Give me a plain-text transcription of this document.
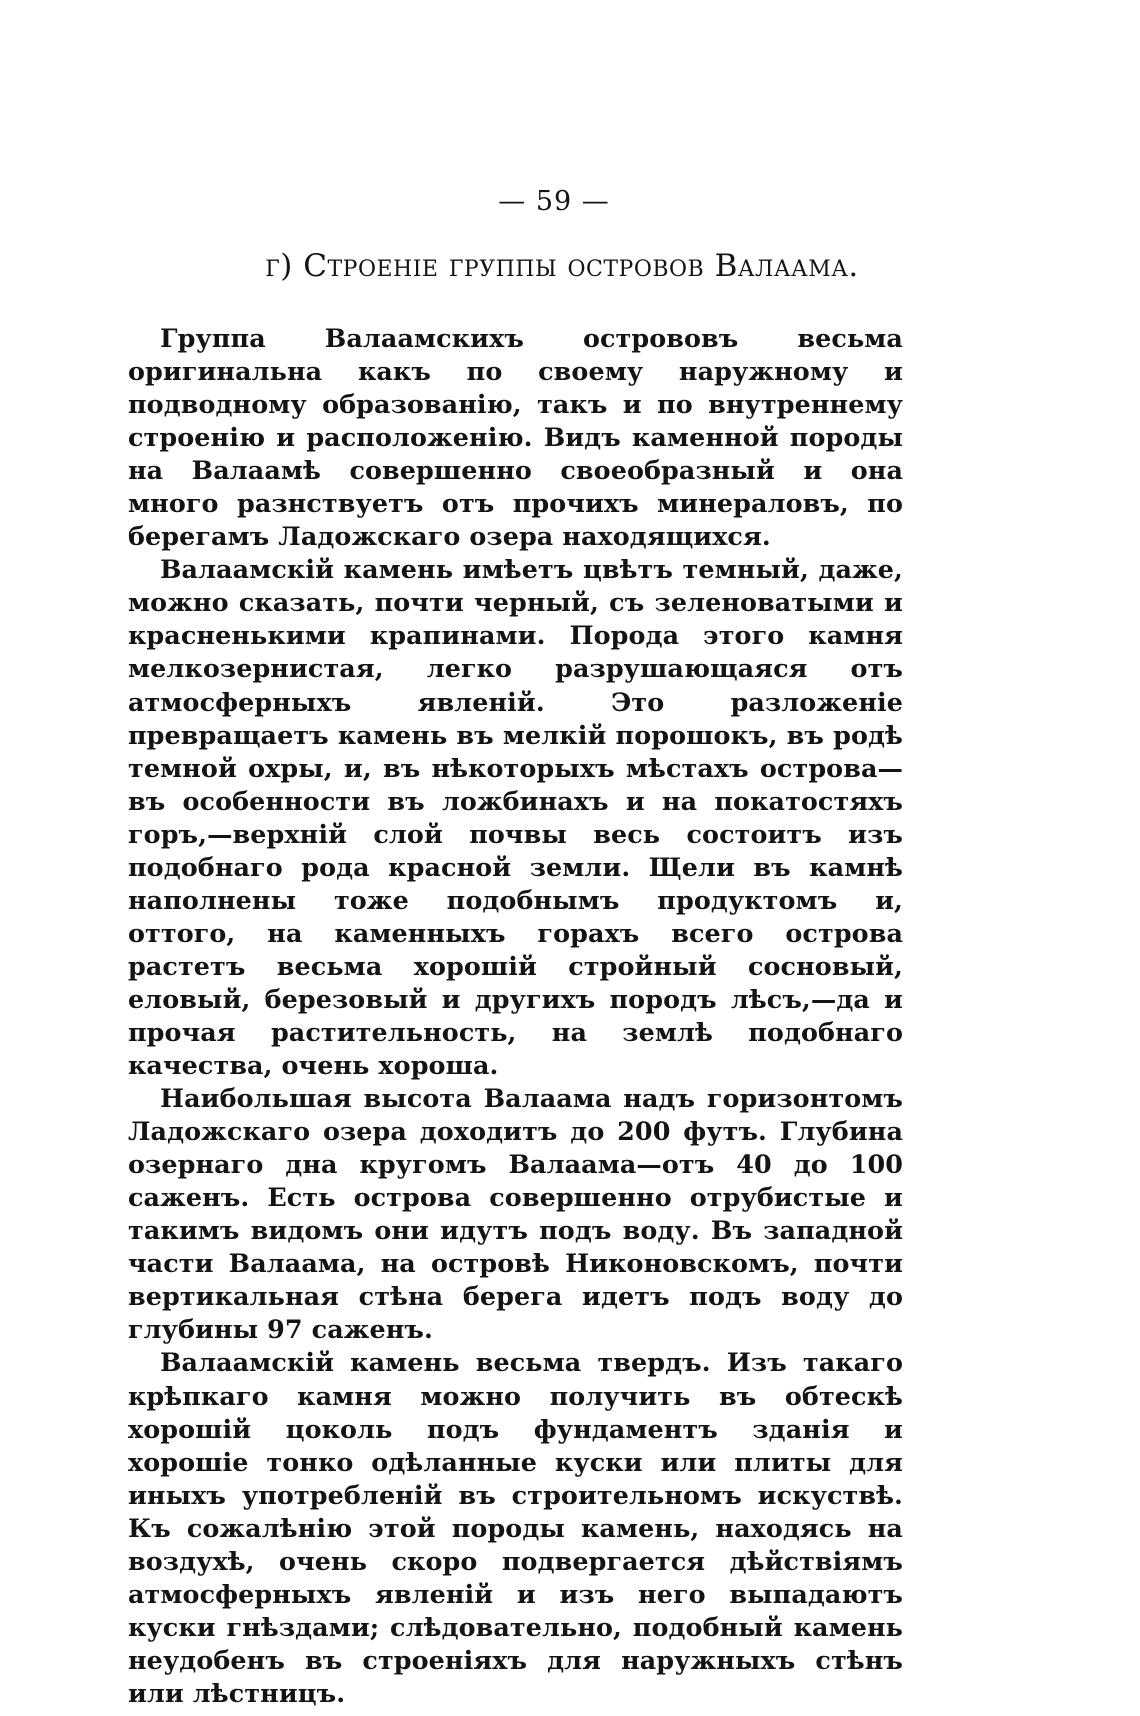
— 59 —
г) Строеніе группы островов Валаама.

Группа Валаамскихъ острововъ весьма оригинальна какъ по своему наружному и подводному образованію, такъ и по внутреннему строенію и расположенію. Видъ каменной породы на Валаамѣ совершенно своеобразный и она много разнствуетъ отъ прочихъ минераловъ, по берегамъ Ладожскаго озера находящихся.

Валаамскій камень имѣетъ цвѣтъ темный, даже, можно сказать, почти черный, съ зеленоватыми и красненькими крапинами. Порода этого камня мелкозернистая, легко разрушающаяся отъ атмосферныхъ явленій. Это разложеніе превращаетъ камень въ мелкій порошокъ, въ родѣ темной охры, и, въ нѣкоторыхъ мѣстахъ острова—въ особенности въ ложбинахъ и на покатостяхъ горъ,—верхній слой почвы весь состоитъ изъ подобнаго рода красной земли. Щели въ камнѣ наполнены тоже подобнымъ продуктомъ и, оттого, на каменныхъ горахъ всего острова растетъ весьма хорошій стройный сосновый, еловый, березовый и другихъ породъ лѣсъ,—да и прочая растительность, на землѣ подобнаго качества, очень хороша.

Наибольшая высота Валаама надъ горизонтомъ Ладожскаго озера доходитъ до 200 футъ. Глубина озернаго дна кругомъ Валаама—отъ 40 до 100 саженъ. Есть острова совершенно отрубистые и такимъ видомъ они идутъ подъ воду. Въ западной части Валаама, на островѣ Никоновскомъ, почти вертикальная стѣна берега идетъ подъ воду до глубины 97 саженъ.

Валаамскій камень весьма твердъ. Изъ такаго крѣпкаго камня можно получить въ обтескѣ хорошій цоколь подъ фундаментъ зданія и хорошіе тонко одѣланные куски или плиты для иныхъ употребленій въ строительномъ искуствѣ. Къ сожалѣнію этой породы камень, находясь на воздухѣ, очень скоро подвергается дѣйствіямъ атмосферныхъ явленій и изъ него выпадаютъ куски гнѣздами; слѣдовательно, подобный камень неудобенъ въ строеніяхъ для наружныхъ стѣнъ или лѣстницъ.
